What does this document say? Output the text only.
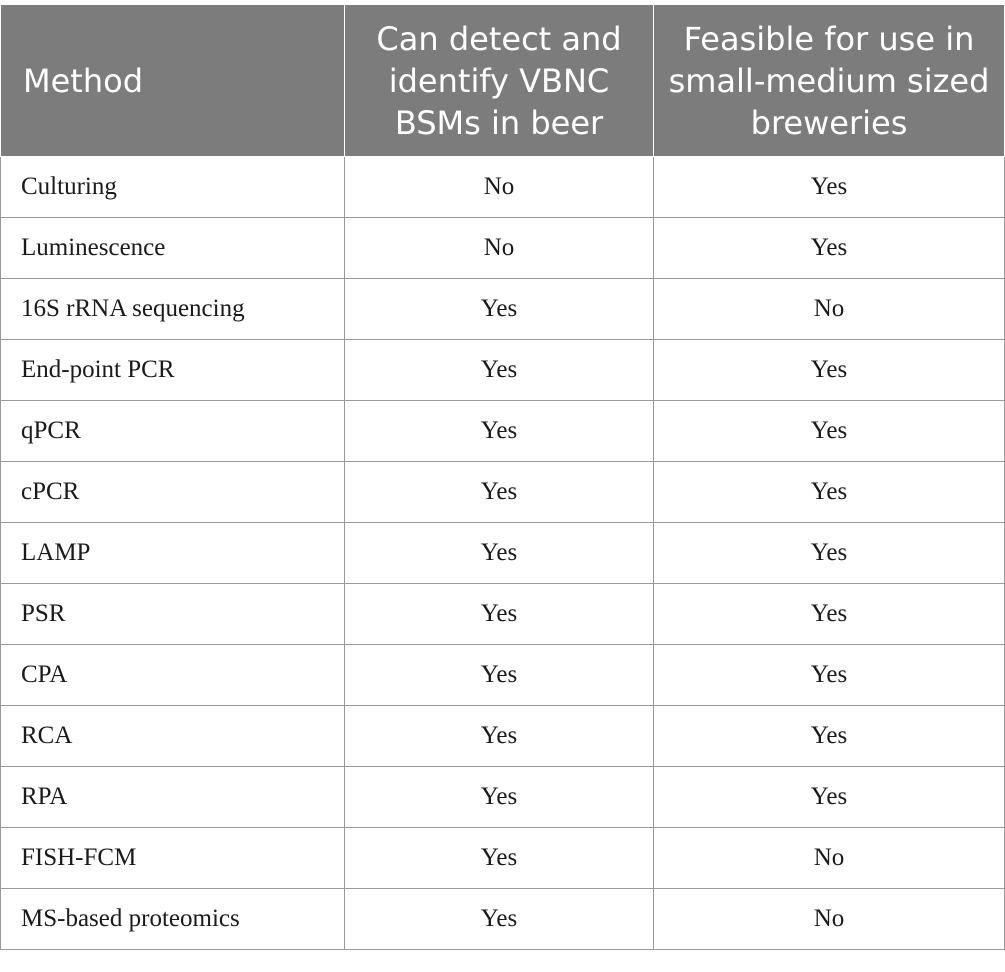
Method	Can detect and identify VBNC BSMs in beer	Feasible for use in small-medium sized breweries
Culturing	No	Yes
Luminescence	No	Yes
16S rRNA sequencing	Yes	No
End-point PCR	Yes	Yes
qPCR	Yes	Yes
cPCR	Yes	Yes
LAMP	Yes	Yes
PSR	Yes	Yes
CPA	Yes	Yes
RCA	Yes	Yes
RPA	Yes	Yes
FISH-FCM	Yes	No
MS-based proteomics	Yes	No
